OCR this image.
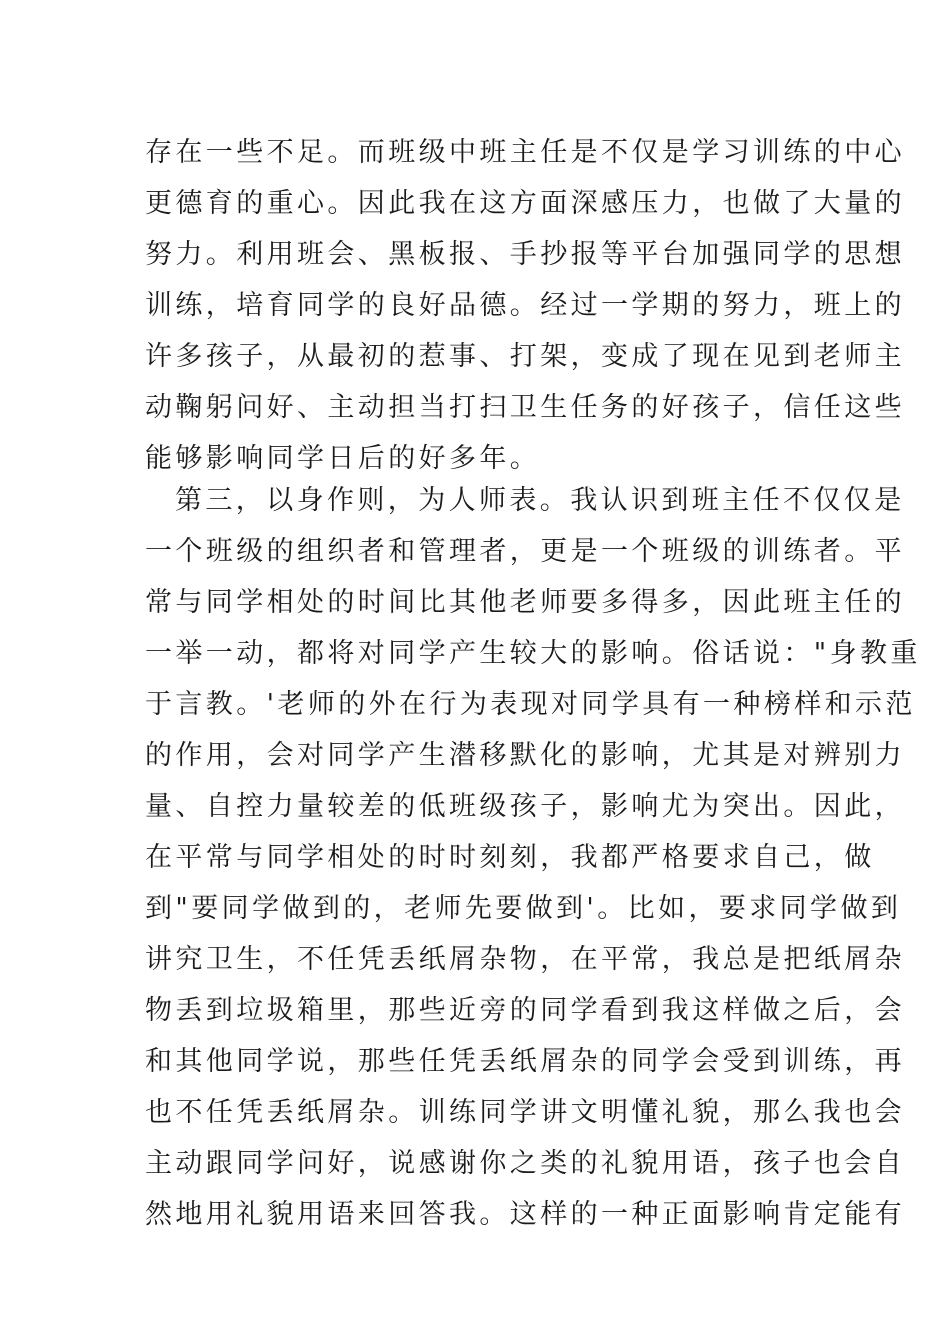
存在一些不足。而班级中班主任是不仅是学习训练的中心
更德育的重心。因此我在这方面深感压力，也做了大量的
努力。利用班会、黑板报、手抄报等平台加强同学的思想
训练，培育同学的良好品德。经过一学期的努力，班上的
许多孩子，从最初的惹事、打架，变成了现在见到老师主
动鞠躬问好、主动担当打扫卫生任务的好孩子，信任这些
能够影响同学日后的好多年。
第三，以身作则，为人师表。我认识到班主任不仅仅是
一个班级的组织者和管理者，更是一个班级的训练者。平
常与同学相处的时间比其他老师要多得多，因此班主任的
一举一动，都将对同学产生较大的影响。俗话说："身教重
于言教。'老师的外在行为表现对同学具有一种榜样和示范
的作用，会对同学产生潜移默化的影响，尤其是对辨别力
量、自控力量较差的低班级孩子，影响尤为突出。因此，
在平常与同学相处的时时刻刻，我都严格要求自己，做
到"要同学做到的，老师先要做到'。比如，要求同学做到
讲究卫生，不任凭丢纸屑杂物，在平常，我总是把纸屑杂
物丢到垃圾箱里，那些近旁的同学看到我这样做之后，会
和其他同学说，那些任凭丢纸屑杂的同学会受到训练，再
也不任凭丢纸屑杂。训练同学讲文明懂礼貌，那么我也会
主动跟同学问好，说感谢你之类的礼貌用语，孩子也会自
然地用礼貌用语来回答我。这样的一种正面影响肯定能有
